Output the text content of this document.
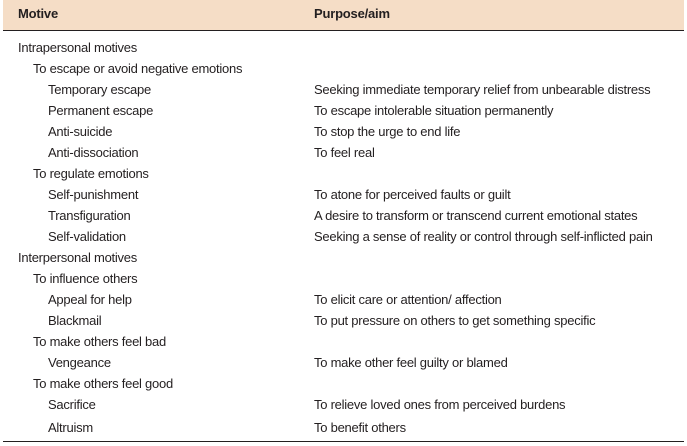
Motive	Purpose/aim
Intrapersonal motives
To escape or avoid negative emotions
Temporary escape	Seeking immediate temporary relief from unbearable distress
Permanent escape	To escape intolerable situation permanently
Anti-suicide	To stop the urge to end life
Anti-dissociation	To feel real
To regulate emotions
Self-punishment	To atone for perceived faults or guilt
Transfiguration	A desire to transform or transcend current emotional states
Self-validation	Seeking a sense of reality or control through self-inflicted pain
Interpersonal motives
To influence others
Appeal for help	To elicit care or attention/ affection
Blackmail	To put pressure on others to get something specific
To make others feel bad
Vengeance	To make other feel guilty or blamed
To make others feel good
Sacrifice	To relieve loved ones from perceived burdens
Altruism	To benefit others
